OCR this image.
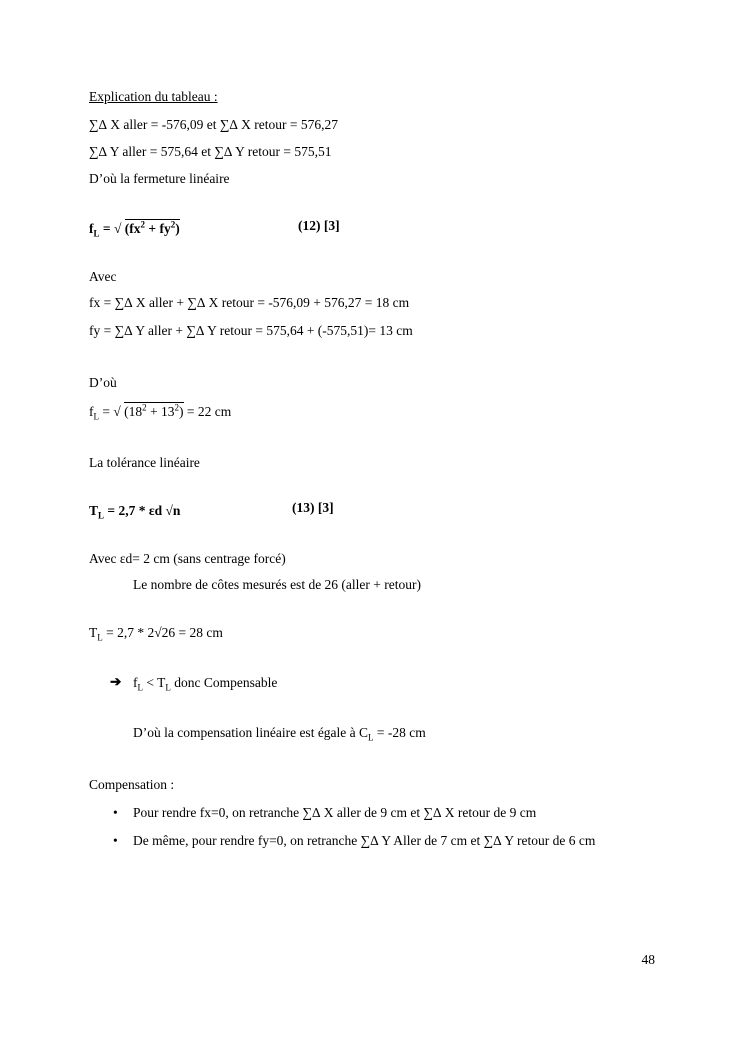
Explication du tableau :
∑∆ X aller = -576,09 et ∑∆ X retour = 576,27
∑∆ Y aller = 575,64 et ∑∆ Y retour = 575,51
D’où la fermeture linéaire
$f_L$ = √ $(fx^2 + fy^2)$	(12) [3]
Avec
fx = ∑∆ X aller + ∑∆ X retour = -576,09 + 576,27 = 18 cm
fy = ∑∆ Y aller + ∑∆ Y retour = 575,64 + (-575,51)= 13 cm
D’où
$f_L$ = √ $(18^2 + 13^2) = 22$ cm
La tolérance linéaire
$T_L = 2,7 * \varepsilon d$ √n	(13) [3]
Avec εd= 2 cm (sans centrage forcé)
Le nombre de côtes mesurés est de 26 (aller + retour)
$T_L = 2,7 * 2√26 = 28$ cm
➔ $f_L < T_L$ donc Compensable
D’où la compensation linéaire est égale à $C_L = -28$ cm
Compensation :
• Pour rendre fx=0, on retranche ∑∆ X aller de 9 cm et ∑∆ X retour de 9 cm
• De même, pour rendre fy=0, on retranche ∑∆ Y Aller de 7 cm et ∑∆ Y retour de 6 cm
48
